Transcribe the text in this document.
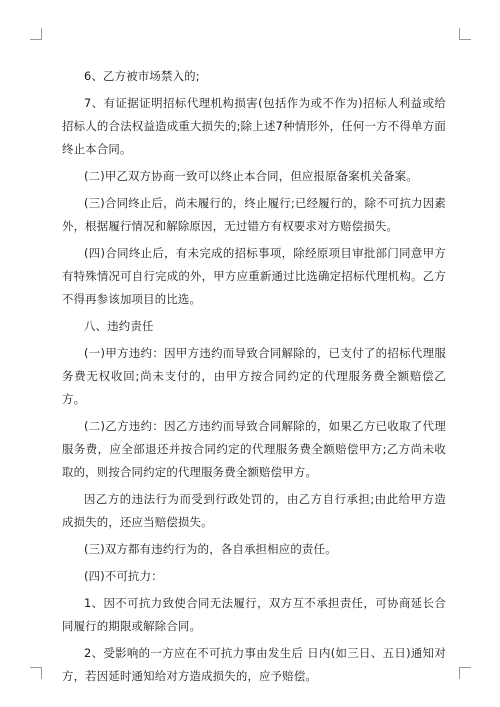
6、乙方被市场禁入的;

7、有证据证明招标代理机构损害(包括作为或不作为)招标人利益或给招标人的合法权益造成重大损失的;除上述7种情形外，任何一方不得单方面终止本合同。

(二)甲乙双方协商一致可以终止本合同，但应报原备案机关备案。

(三)合同终止后，尚未履行的，终止履行;已经履行的，除不可抗力因素外，根据履行情况和解除原因，无过错方有权要求对方赔偿损失。

(四)合同终止后，有未完成的招标事项，除经原项目审批部门同意甲方有特殊情况可自行完成的外，甲方应重新通过比选确定招标代理机构。乙方不得再参该加项目的比选。

八、违约责任

(一)甲方违约：因甲方违约而导致合同解除的，已支付了的招标代理服务费无权收回;尚未支付的，由甲方按合同约定的代理服务费全额赔偿乙方。

(二)乙方违约：因乙方违约而导致合同解除的，如果乙方已收取了代理服务费，应全部退还并按合同约定的代理服务费全额赔偿甲方;乙方尚未收取的，则按合同约定的代理服务费全额赔偿甲方。

因乙方的违法行为而受到行政处罚的，由乙方自行承担;由此给甲方造成损失的，还应当赔偿损失。

(三)双方都有违约行为的，各自承担相应的责任。

(四)不可抗力：

1、因不可抗力致使合同无法履行，双方互不承担责任，可协商延长合同履行的期限或解除合同。

2、受影响的一方应在不可抗力事由发生后 日内(如三日、五日)通知对方，若因延时通知给对方造成损失的，应予赔偿。
